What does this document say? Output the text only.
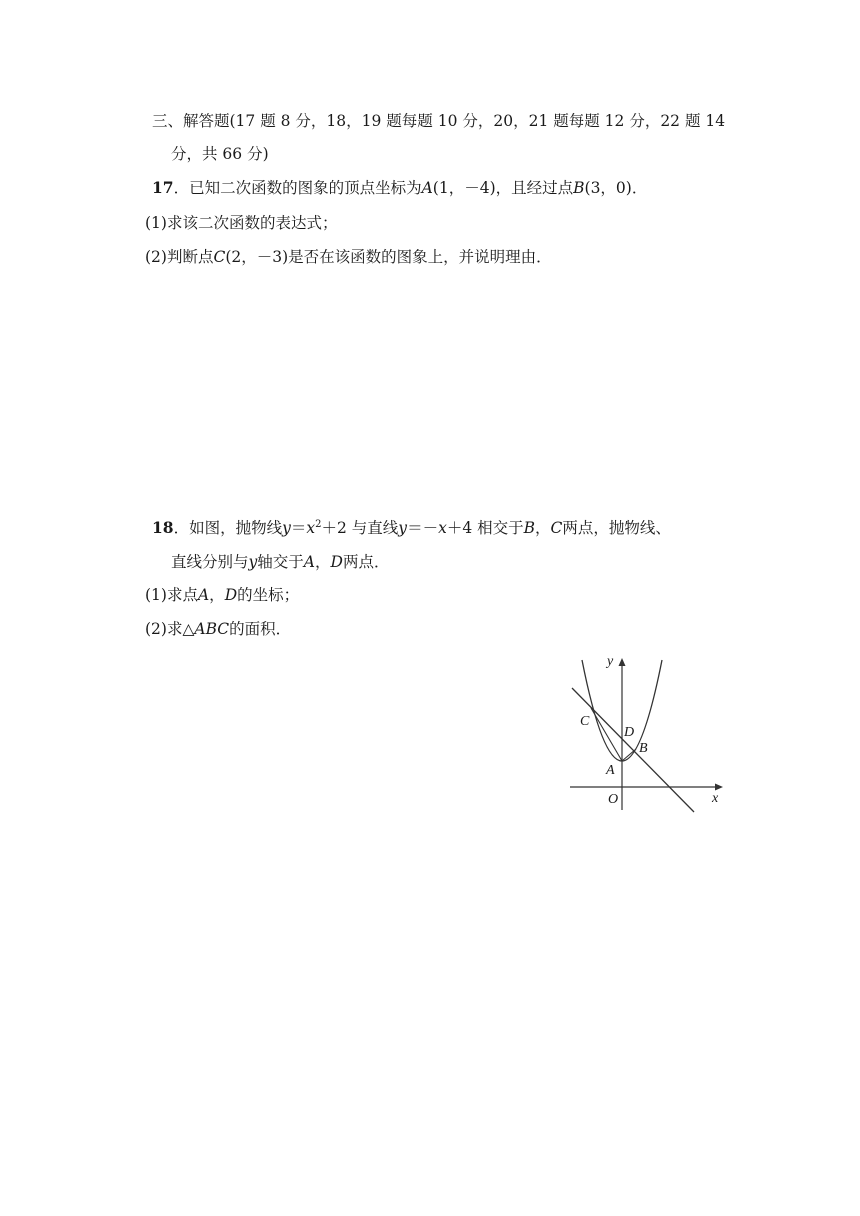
三、解答题(17 题 8 分，18，19 题每题 10 分，20，21 题每题 12 分，22 题 14
分，共 66 分)
17．已知二次函数的图象的顶点坐标为A(1，－4)，且经过点B(3，0)．
(1)求该二次函数的表达式；
(2)判断点C(2，－3)是否在该函数的图象上，并说明理由．
18．如图，抛物线$y=x^2+2$ 与直线y＝－x＋4 相交于B，C两点，抛物线、
直线分别与y轴交于A，D两点．
(1)求点A，D的坐标；
(2)求△ABC的面积．
y
x
O
A
B
C
D
